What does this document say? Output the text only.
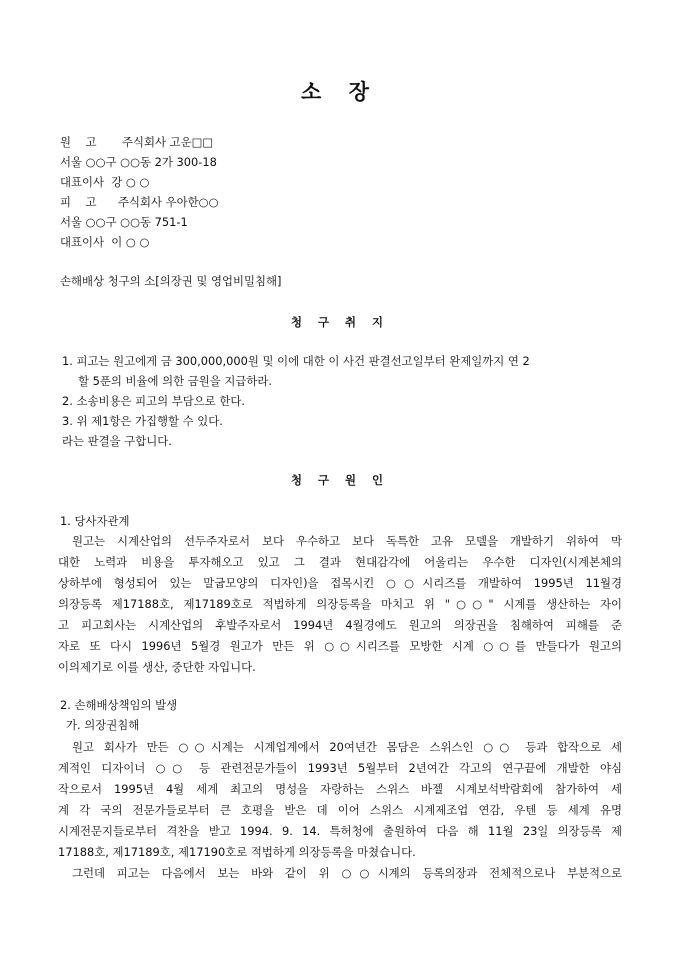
소 장
원    고 주식회사 고운□□
서울 ○○구 ○○동 2가 300-18
대표이사  강 ○ ○
피    고 주식회사 우아한○○
서울 ○○구 ○○동 751-1
대표이사  이 ○ ○
손해배상 청구의 소[의장권 및 영업비밀침해]
청 구 취 지
1. 피고는 원고에게 금 300,000,000원 및 이에 대한 이 사건 판결선고일부터 완제일까지 연 2
할 5푼의 비율에 의한 금원을 지급하라.
2. 소송비용은 피고의 부담으로 한다.
3. 위 제1항은 가집행할 수 있다.
라는 판결을 구합니다.
청 구 원 인
1. 당사자관계
원고는 시계산업의 선두주자로서 보다 우수하고 보다 독특한 고유 모델을 개발하기 위하여 막
대한 노력과 비용을 투자해오고 있고 그 결과 현대감각에 어울리는 우수한 디자인(시계본체의
상하부에 형성되어 있는 말굽모양의 디자인)을 접목시킨 ○○시리즈를 개발하여 1995년 11월경
의장등록 제17188호, 제17189호로 적법하게 의장등록을 마치고 위 "○○" 시계를 생산하는 자이
고 피고회사는 시계산업의 후발주자로서 1994년 4월경에도 원고의 의장권을 침해하여 피해를 준
자로 또 다시 1996년 5월경 원고가 만든 위 ○○시리즈를 모방한 시계 ○○를 만들다가 원고의
이의제기로 이를 생산, 중단한 자입니다.
2. 손해배상책임의 발생
가. 의장권침해
원고 회사가 만든 ○○시계는 시계업계에서 20여년간 몸담은 스위스인 ○○ 등과 합작으로 세
계적인 디자이너 ○○ 등 관련전문가들이 1993년 5월부터 2년여간 각고의 연구끝에 개발한 야심
작으로서 1995년 4월 세계 최고의 명성을 자랑하는 스위스 바젤 시계보석박람회에 참가하여 세
계 각 국의 전문가들로부터 큰 호평을 받은 데 이어 스위스 시계제조업 연감, 우텐 등 세계 유명
시계전문지들로부터 격찬을 받고 1994. 9. 14. 특허청에 출원하여 다음 해 11월 23일 의장등록 제
17188호, 제17189호, 제17190호로 적법하게 의장등록을 마쳤습니다.
그런데 피고는 다음에서 보는 바와 같이 위 ○○시계의 등록의장과 전체적으로나 부분적으로
